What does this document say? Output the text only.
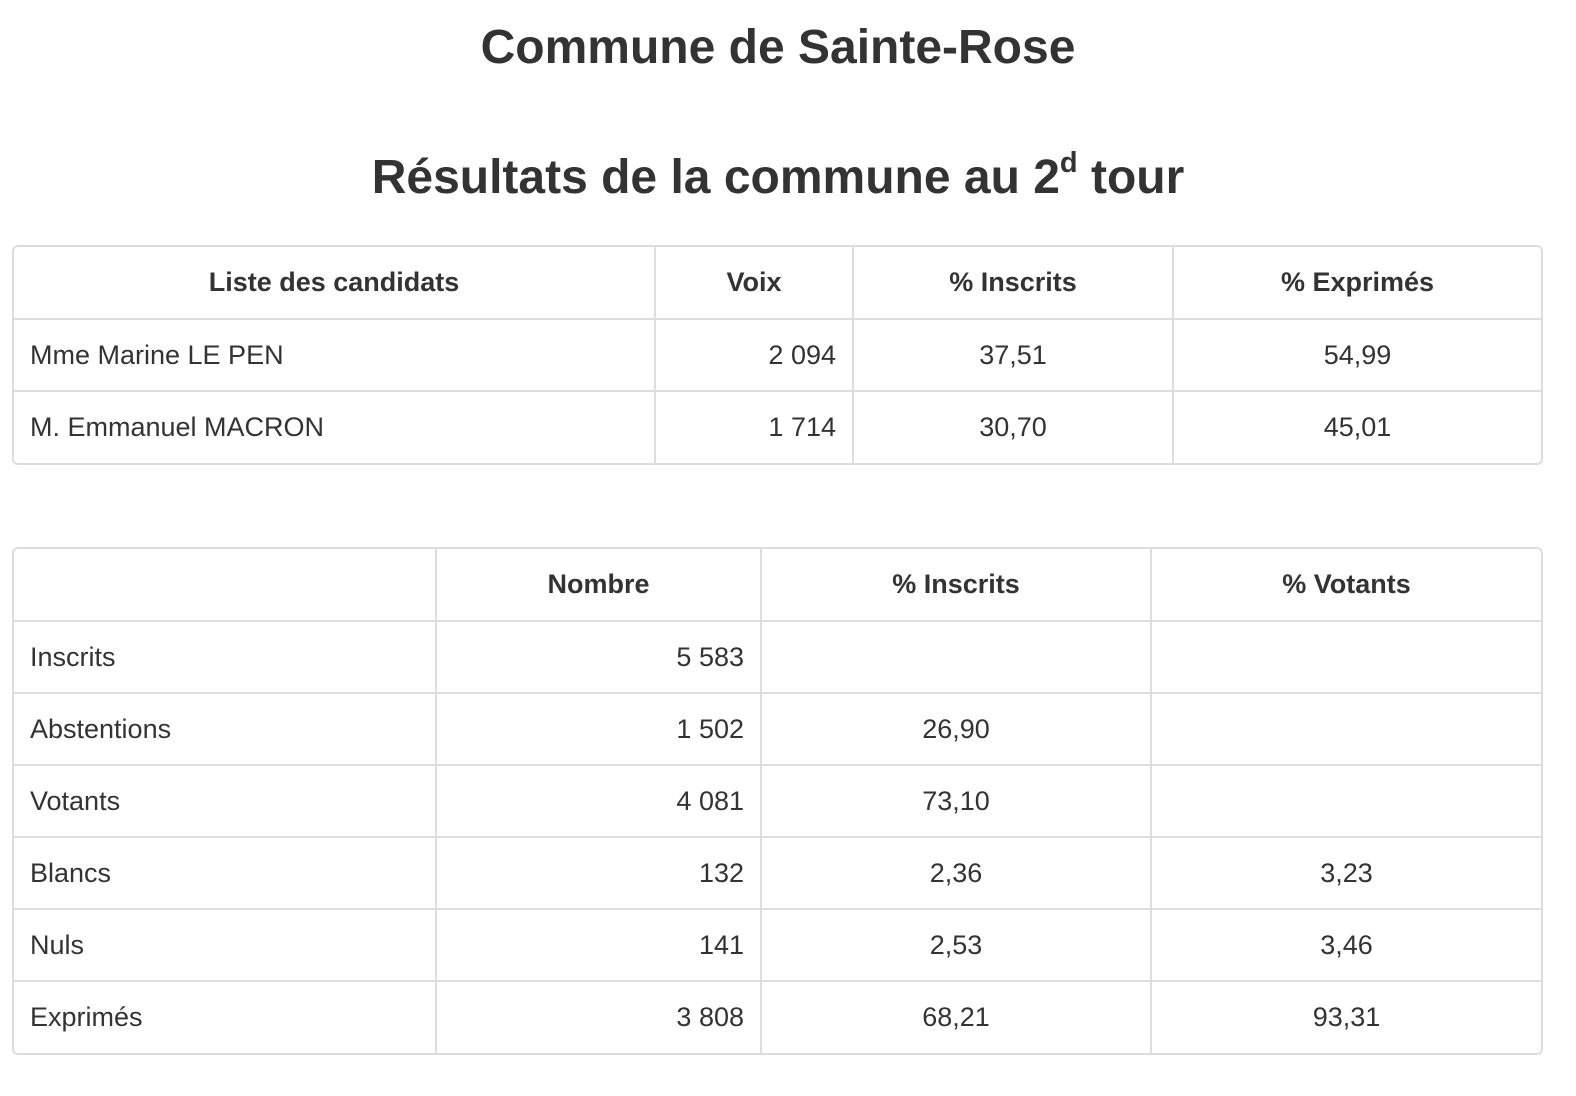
Commune de Sainte-Rose
Résultats de la commune au 2$^d$ tour
Liste des candidats	Voix	% Inscrits	% Exprimés
Mme Marine LE PEN	2 094	37,51	54,99
M. Emmanuel MACRON	1 714	30,70	45,01
	Nombre	% Inscrits	% Votants
Inscrits	5 583		
Abstentions	1 502	26,90	
Votants	4 081	73,10	
Blancs	132	2,36	3,23
Nuls	141	2,53	3,46
Exprimés	3 808	68,21	93,31
